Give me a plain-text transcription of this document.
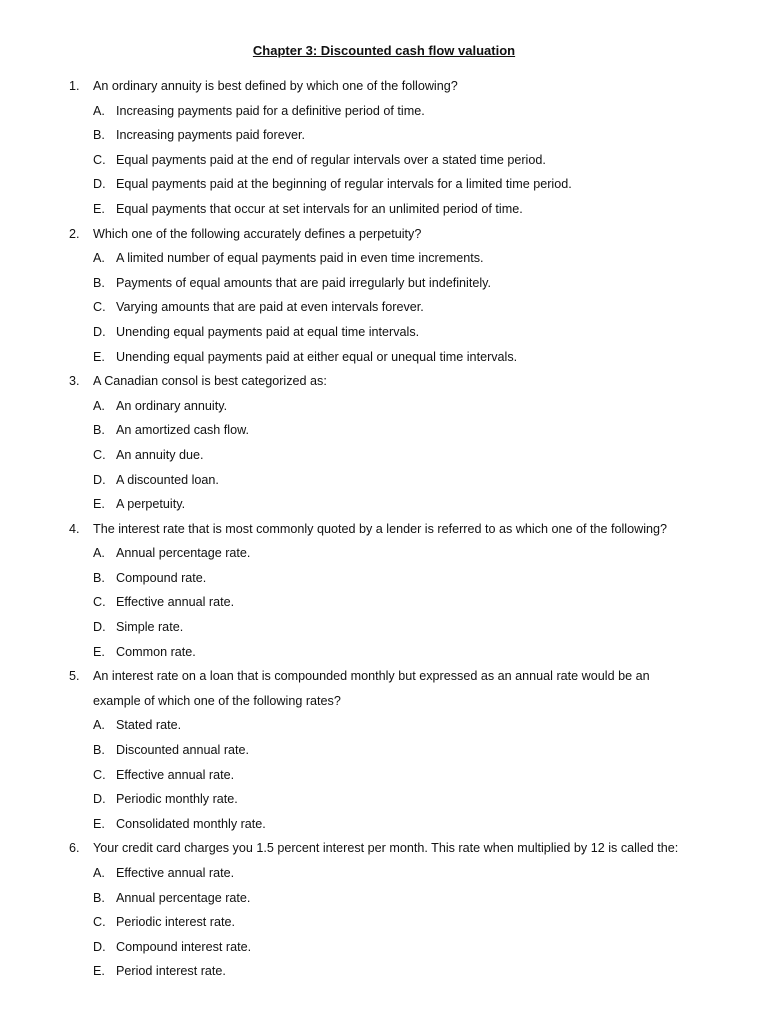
Chapter 3: Discounted cash flow valuation
1. An ordinary annuity is best defined by which one of the following?
A. Increasing payments paid for a definitive period of time.
B. Increasing payments paid forever.
C. Equal payments paid at the end of regular intervals over a stated time period.
D. Equal payments paid at the beginning of regular intervals for a limited time period.
E. Equal payments that occur at set intervals for an unlimited period of time.
2. Which one of the following accurately defines a perpetuity?
A. A limited number of equal payments paid in even time increments.
B. Payments of equal amounts that are paid irregularly but indefinitely.
C. Varying amounts that are paid at even intervals forever.
D. Unending equal payments paid at equal time intervals.
E. Unending equal payments paid at either equal or unequal time intervals.
3. A Canadian consol is best categorized as:
A. An ordinary annuity.
B. An amortized cash flow.
C. An annuity due.
D. A discounted loan.
E. A perpetuity.
4. The interest rate that is most commonly quoted by a lender is referred to as which one of the following?
A. Annual percentage rate.
B. Compound rate.
C. Effective annual rate.
D. Simple rate.
E. Common rate.
5. An interest rate on a loan that is compounded monthly but expressed as an annual rate would be an
example of which one of the following rates?
A. Stated rate.
B. Discounted annual rate.
C. Effective annual rate.
D. Periodic monthly rate.
E. Consolidated monthly rate.
6. Your credit card charges you 1.5 percent interest per month. This rate when multiplied by 12 is called the:
A. Effective annual rate.
B. Annual percentage rate.
C. Periodic interest rate.
D. Compound interest rate.
E. Period interest rate.
